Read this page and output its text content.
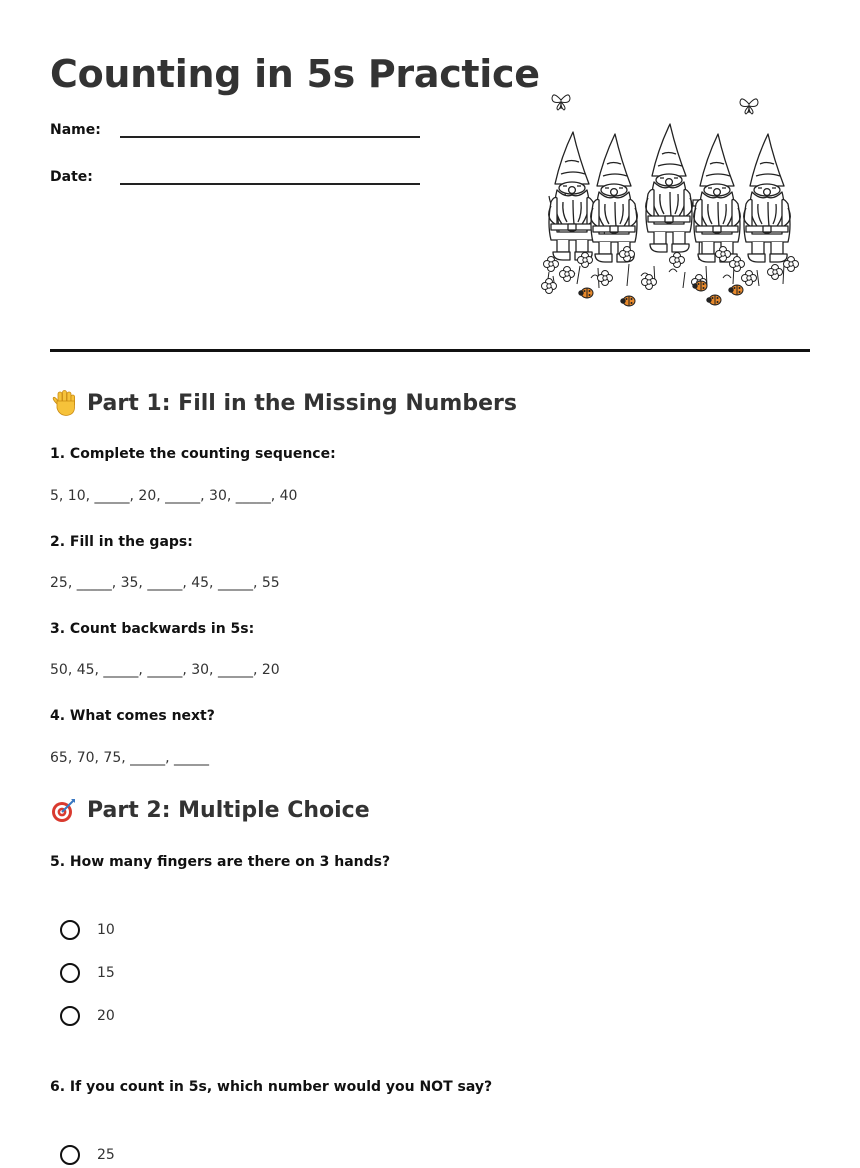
Counting in 5s Practice
Name:
Date:
Part 1: Fill in the Missing Numbers
1. Complete the counting sequence:
5, 10, _____, 20, _____, 30, _____, 40
2. Fill in the gaps:
25, _____, 35, _____, 45, _____, 55
3. Count backwards in 5s:
50, 45, _____, _____, 30, _____, 20
4. What comes next?
65, 70, 75, _____, _____
Part 2: Multiple Choice
5. How many fingers are there on 3 hands?
10
15
20
6. If you count in 5s, which number would you NOT say?
25
